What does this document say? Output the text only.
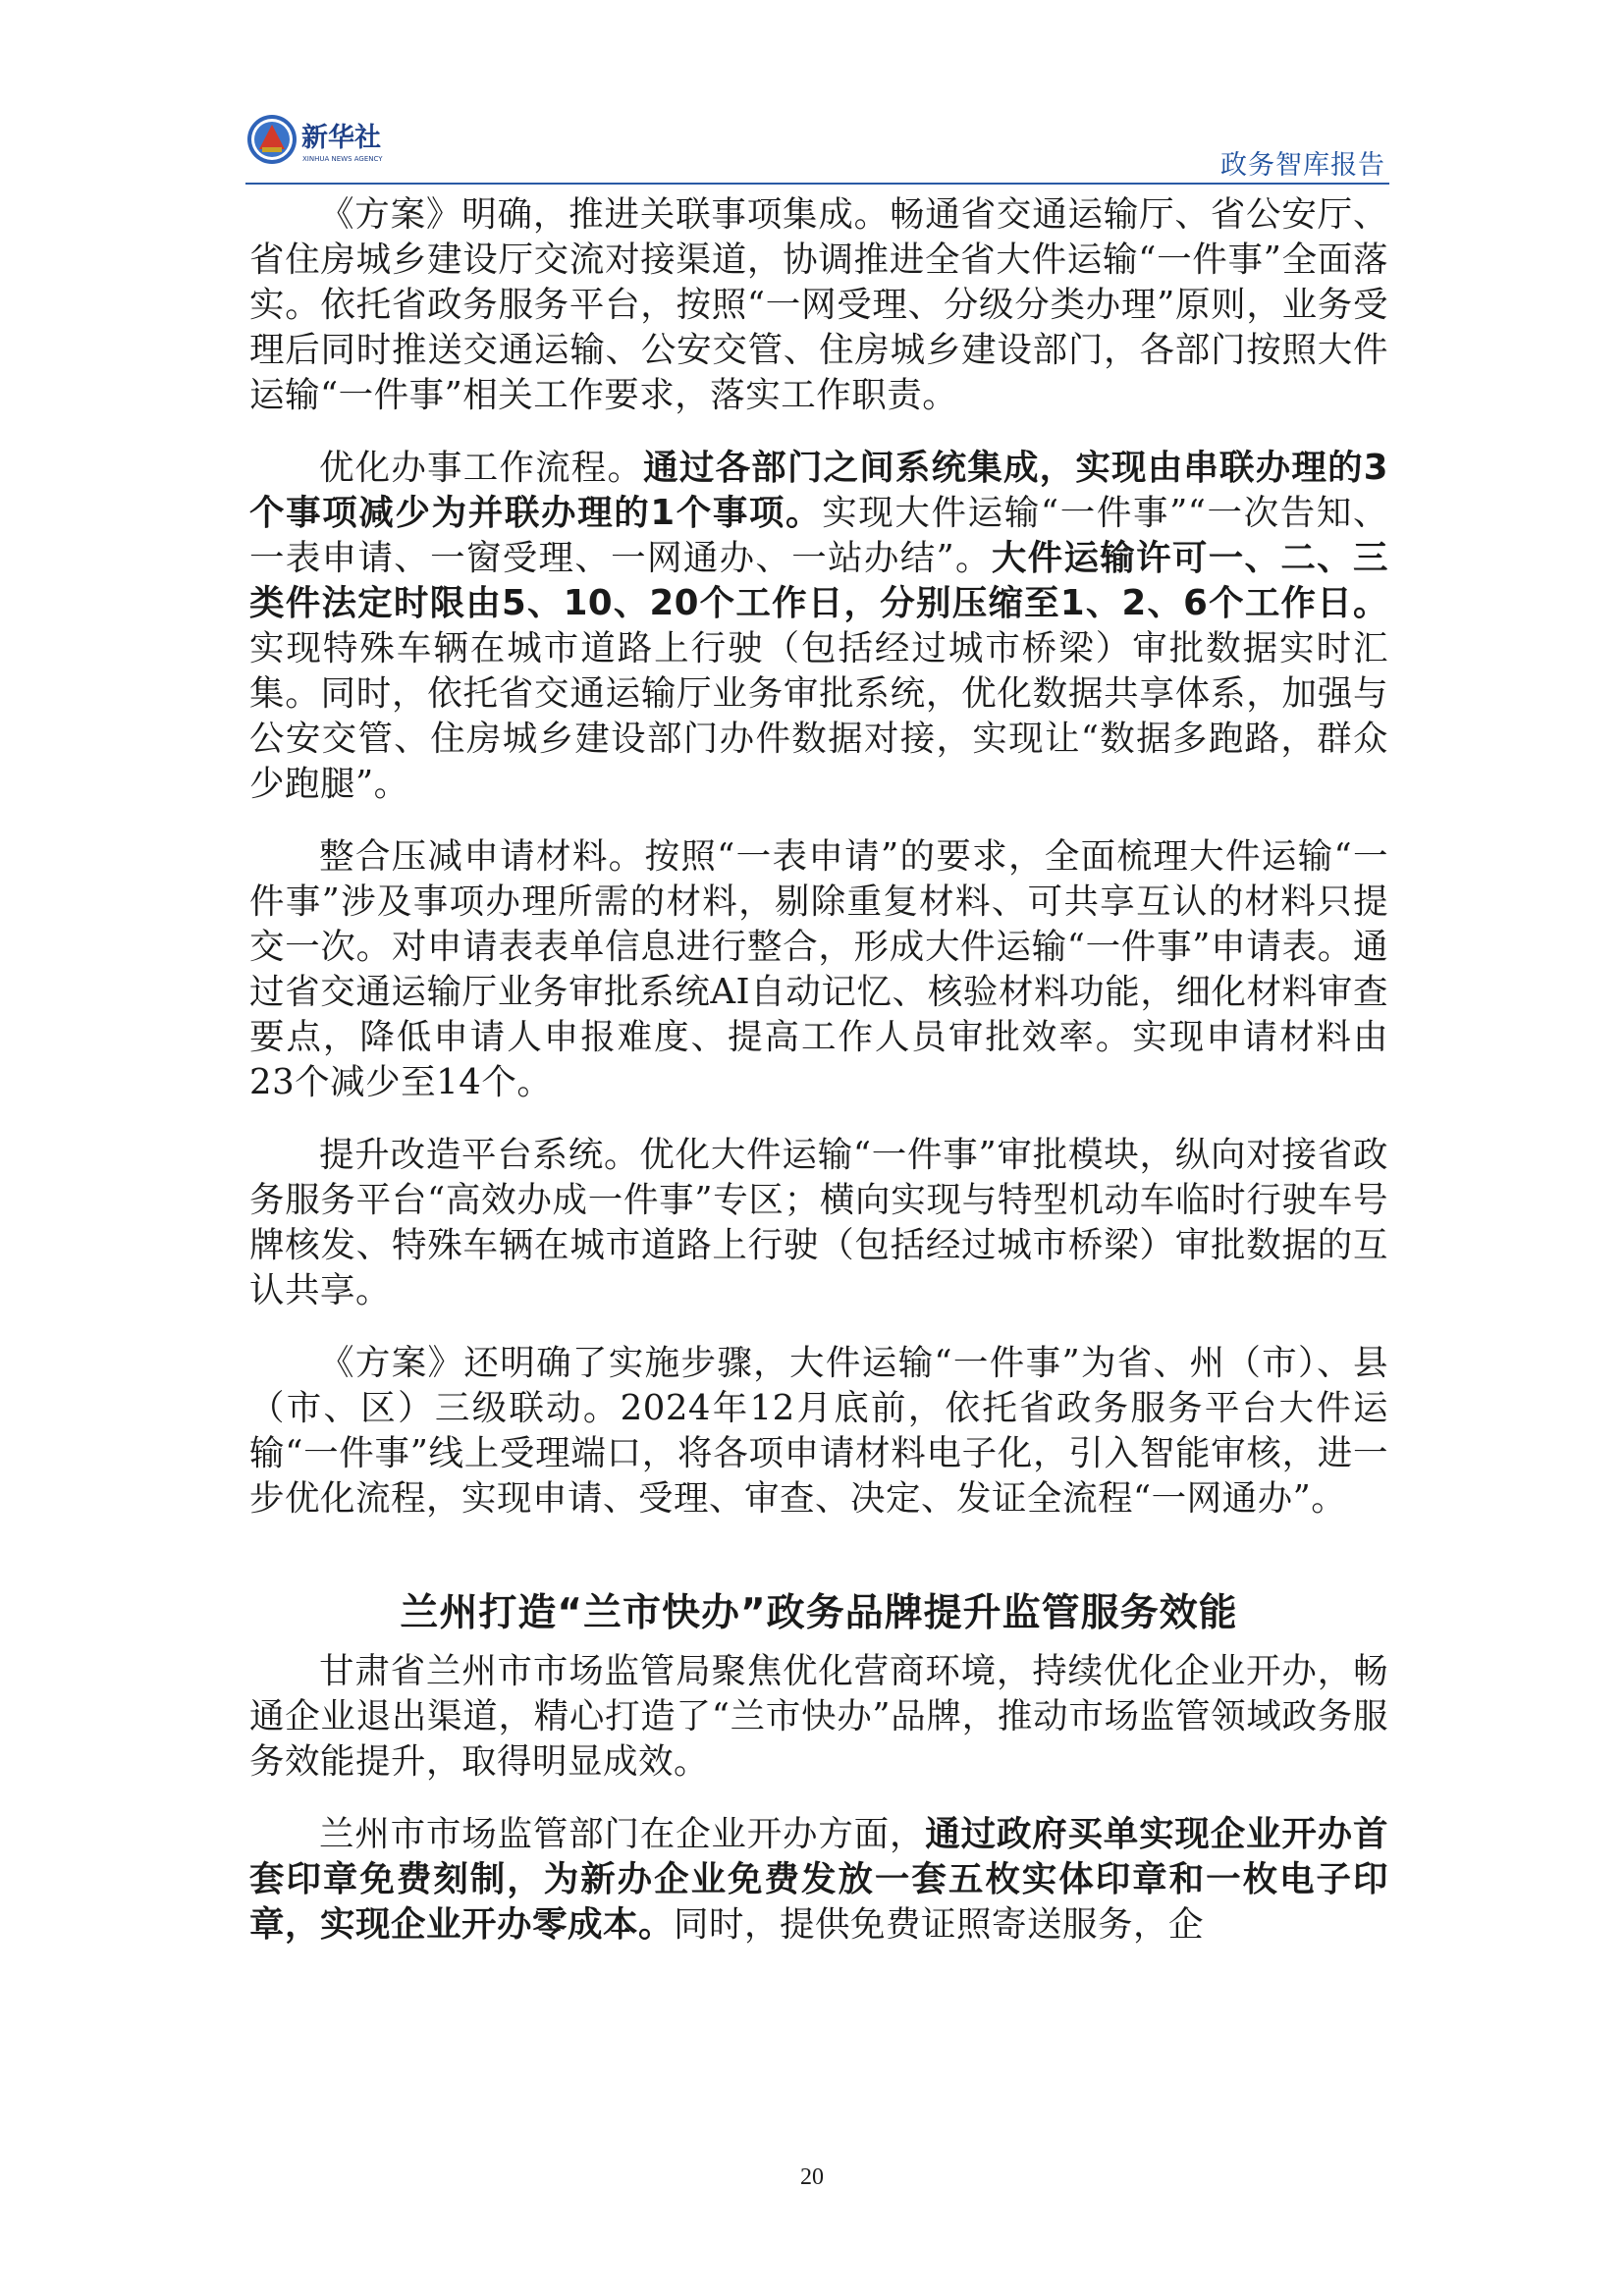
新华社
XINHUA NEWS AGENCY	政务智库报告

《方案》明确，推进关联事项集成。畅通省交通运输厅、省公安厅、省住房城乡建设厅交流对接渠道，协调推进全省大件运输“一件事”全面落实。依托省政务服务平台，按照“一网受理、分级分类办理”原则，业务受理后同时推送交通运输、公安交管、住房城乡建设部门，各部门按照大件运输“一件事”相关工作要求，落实工作职责。

优化办事工作流程。通过各部门之间系统集成，实现由串联办理的3个事项减少为并联办理的1个事项。实现大件运输“一件事”“一次告知、一表申请、一窗受理、一网通办、一站办结”。大件运输许可一、二、三类件法定时限由5、10、20个工作日，分别压缩至1、2、6个工作日。实现特殊车辆在城市道路上行驶（包括经过城市桥梁）审批数据实时汇集。同时，依托省交通运输厅业务审批系统，优化数据共享体系，加强与公安交管、住房城乡建设部门办件数据对接，实现让“数据多跑路，群众少跑腿”。

整合压减申请材料。按照“一表申请”的要求，全面梳理大件运输“一件事”涉及事项办理所需的材料，剔除重复材料、可共享互认的材料只提交一次。对申请表表单信息进行整合，形成大件运输“一件事”申请表。通过省交通运输厅业务审批系统AI自动记忆、核验材料功能，细化材料审查要点，降低申请人申报难度、提高工作人员审批效率。实现申请材料由23个减少至14个。

提升改造平台系统。优化大件运输“一件事”审批模块，纵向对接省政务服务平台“高效办成一件事”专区；横向实现与特型机动车临时行驶车号牌核发、特殊车辆在城市道路上行驶（包括经过城市桥梁）审批数据的互认共享。

《方案》还明确了实施步骤，大件运输“一件事”为省、州（市）、县（市、区）三级联动。2024年12月底前，依托省政务服务平台大件运输“一件事”线上受理端口，将各项申请材料电子化，引入智能审核，进一步优化流程，实现申请、受理、审查、决定、发证全流程“一网通办”。

兰州打造“兰市快办”政务品牌提升监管服务效能

甘肃省兰州市市场监管局聚焦优化营商环境，持续优化企业开办，畅通企业退出渠道，精心打造了“兰市快办”品牌，推动市场监管领域政务服务效能提升，取得明显成效。

兰州市市场监管部门在企业开办方面，通过政府买单实现企业开办首套印章免费刻制，为新办企业免费发放一套五枚实体印章和一枚电子印章，实现企业开办零成本。同时，提供免费证照寄送服务，企

20
